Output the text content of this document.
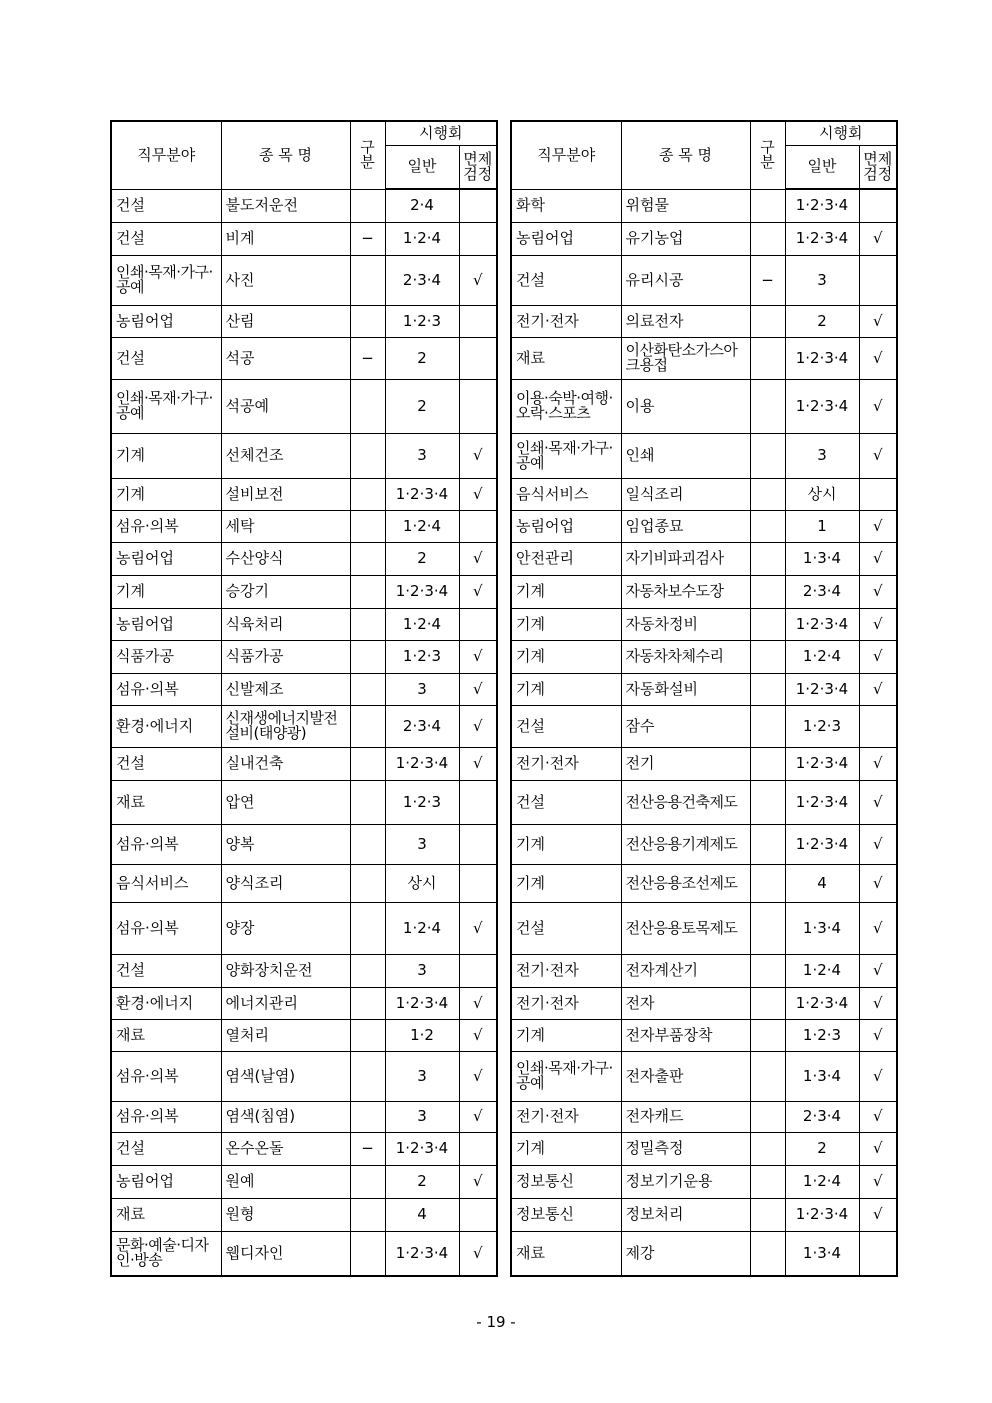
직무분야	종 목 명	구분	시행회	
			일반	면제검정
건설	불도저운전		2·4	
건설	비계	−	1·2·4	
인쇄·목재·가구·공예	사진		2·3·4	√
농림어업	산림		1·2·3	
건설	석공	−	2	
인쇄·목재·가구·공예	석공예		2	
기계	선체건조		3	√
기계	설비보전		1·2·3·4	√
섬유·의복	세탁		1·2·4	
농림어업	수산양식		2	√
기계	승강기		1·2·3·4	√
농림어업	식육처리		1·2·4	
식품가공	식품가공		1·2·3	√
섬유·의복	신발제조		3	√
환경·에너지	신재생에너지발전설비(태양광)		2·3·4	√
건설	실내건축		1·2·3·4	√
재료	압연		1·2·3	
섬유·의복	양복		3	
음식서비스	양식조리		상시	
섬유·의복	양장		1·2·4	√
건설	양화장치운전		3	
환경·에너지	에너지관리		1·2·3·4	√
재료	열처리		1·2	√
섬유·의복	염색(날염)		3	√
섬유·의복	염색(침염)		3	√
건설	온수온돌	−	1·2·3·4	
농림어업	원예		2	√
재료	원형		4	
문화·예술·디자인·방송	웹디자인		1·2·3·4	√
직무분야	종 목 명	구분	시행회	
			일반	면제검정
화학	위험물		1·2·3·4	
농림어업	유기농업		1·2·3·4	√
건설	유리시공	−	3	
전기·전자	의료전자		2	√
재료	이산화탄소가스아크용접		1·2·3·4	√
이용·숙박·여행·오락·스포츠	이용		1·2·3·4	√
인쇄·목재·가구·공예	인쇄		3	√
음식서비스	일식조리		상시	
농림어업	임업종묘		1	√
안전관리	자기비파괴검사		1·3·4	√
기계	자동차보수도장		2·3·4	√
기계	자동차정비		1·2·3·4	√
기계	자동차차체수리		1·2·4	√
기계	자동화설비		1·2·3·4	√
건설	잠수		1·2·3	
전기·전자	전기		1·2·3·4	√
건설	전산응용건축제도		1·2·3·4	√
기계	전산응용기계제도		1·2·3·4	√
기계	전산응용조선제도		4	√
건설	전산응용토목제도		1·3·4	√
전기·전자	전자계산기		1·2·4	√
전기·전자	전자		1·2·3·4	√
기계	전자부품장착		1·2·3	√
인쇄·목재·가구·공예	전자출판		1·3·4	√
전기·전자	전자캐드		2·3·4	√
기계	정밀측정		2	√
정보통신	정보기기운용		1·2·4	√
정보통신	정보처리		1·2·3·4	√
재료	제강		1·3·4	
- 19 -
